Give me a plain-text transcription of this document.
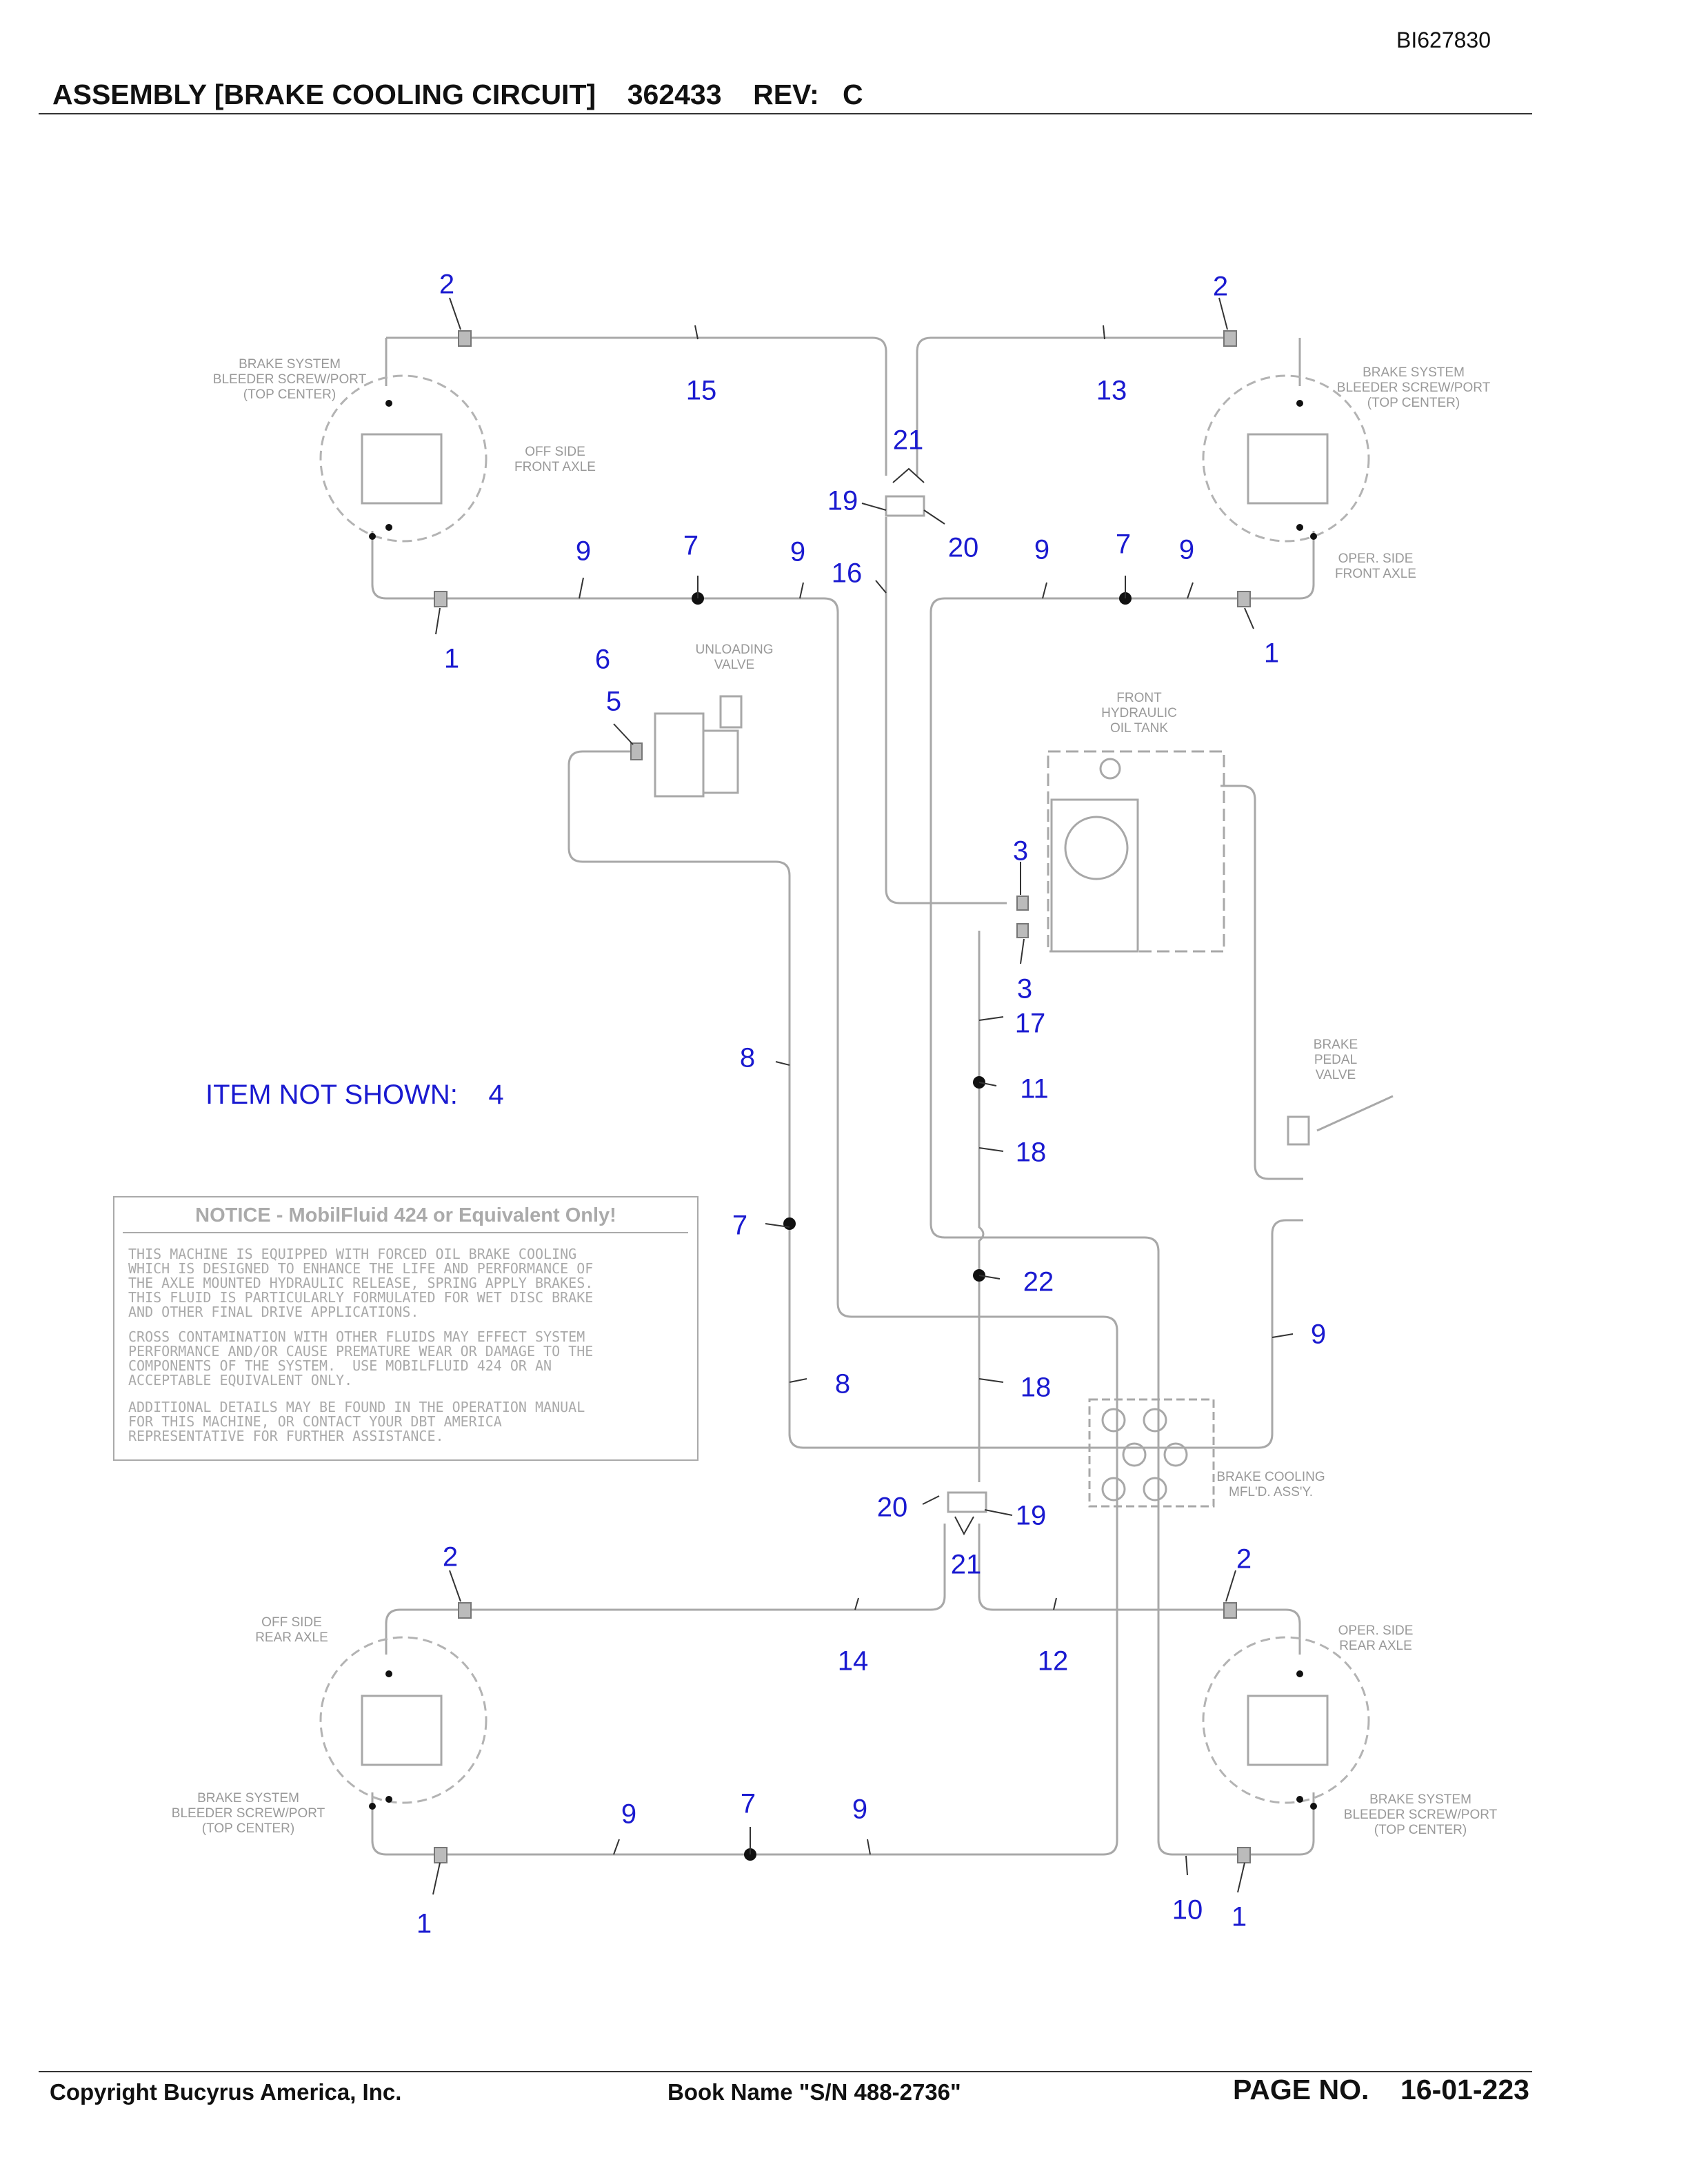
BI627830
ASSEMBLY [BRAKE COOLING CIRCUIT]    362433    REV:   C
BRAKE SYSTEM
BLEEDER SCREW/PORT
(TOP CENTER)
OFF SIDE
FRONT AXLE
BRAKE SYSTEM
BLEEDER SCREW/PORT
(TOP CENTER)
OPER. SIDE
FRONT AXLE
UNLOADING
VALVE
FRONT
HYDRAULIC
OIL TANK
BRAKE
PEDAL
VALVE
BRAKE COOLING
MFL'D. ASS'Y.
OFF SIDE
REAR AXLE
BRAKE SYSTEM
BLEEDER SCREW/PORT
(TOP CENTER)
OPER. SIDE
REAR AXLE
BRAKE SYSTEM
BLEEDER SCREW/PORT
(TOP CENTER)
2
15
2
13
21
19
20
9	7	9
16
9 7 9
1	6	1
5
3
3
17
8
11
18
7
22
9
8	18
20	19
21
2	2
14	12
9	7	9
1	10 1
ITEM NOT SHOWN:    4
NOTICE - MobilFluid 424 or Equivalent Only!
THIS MACHINE IS EQUIPPED WITH FORCED OIL BRAKE COOLING
WHICH IS DESIGNED TO ENHANCE THE LIFE AND PERFORMANCE OF
THE AXLE MOUNTED HYDRAULIC RELEASE, SPRING APPLY BRAKES.
THIS FLUID IS PARTICULARLY FORMULATED FOR WET DISC BRAKE
AND OTHER FINAL DRIVE APPLICATIONS.
CROSS CONTAMINATION WITH OTHER FLUIDS MAY EFFECT SYSTEM
PERFORMANCE AND/OR CAUSE PREMATURE WEAR OR DAMAGE TO THE
COMPONENTS OF THE SYSTEM.  USE MOBILFLUID 424 OR AN
ACCEPTABLE EQUIVALENT ONLY.
ADDITIONAL DETAILS MAY BE FOUND IN THE OPERATION MANUAL
FOR THIS MACHINE, OR CONTACT YOUR DBT AMERICA
REPRESENTATIVE FOR FURTHER ASSISTANCE.
Copyright Bucyrus America, Inc.	Book Name "S/N 488-2736"	PAGE NO.    16-01-223
